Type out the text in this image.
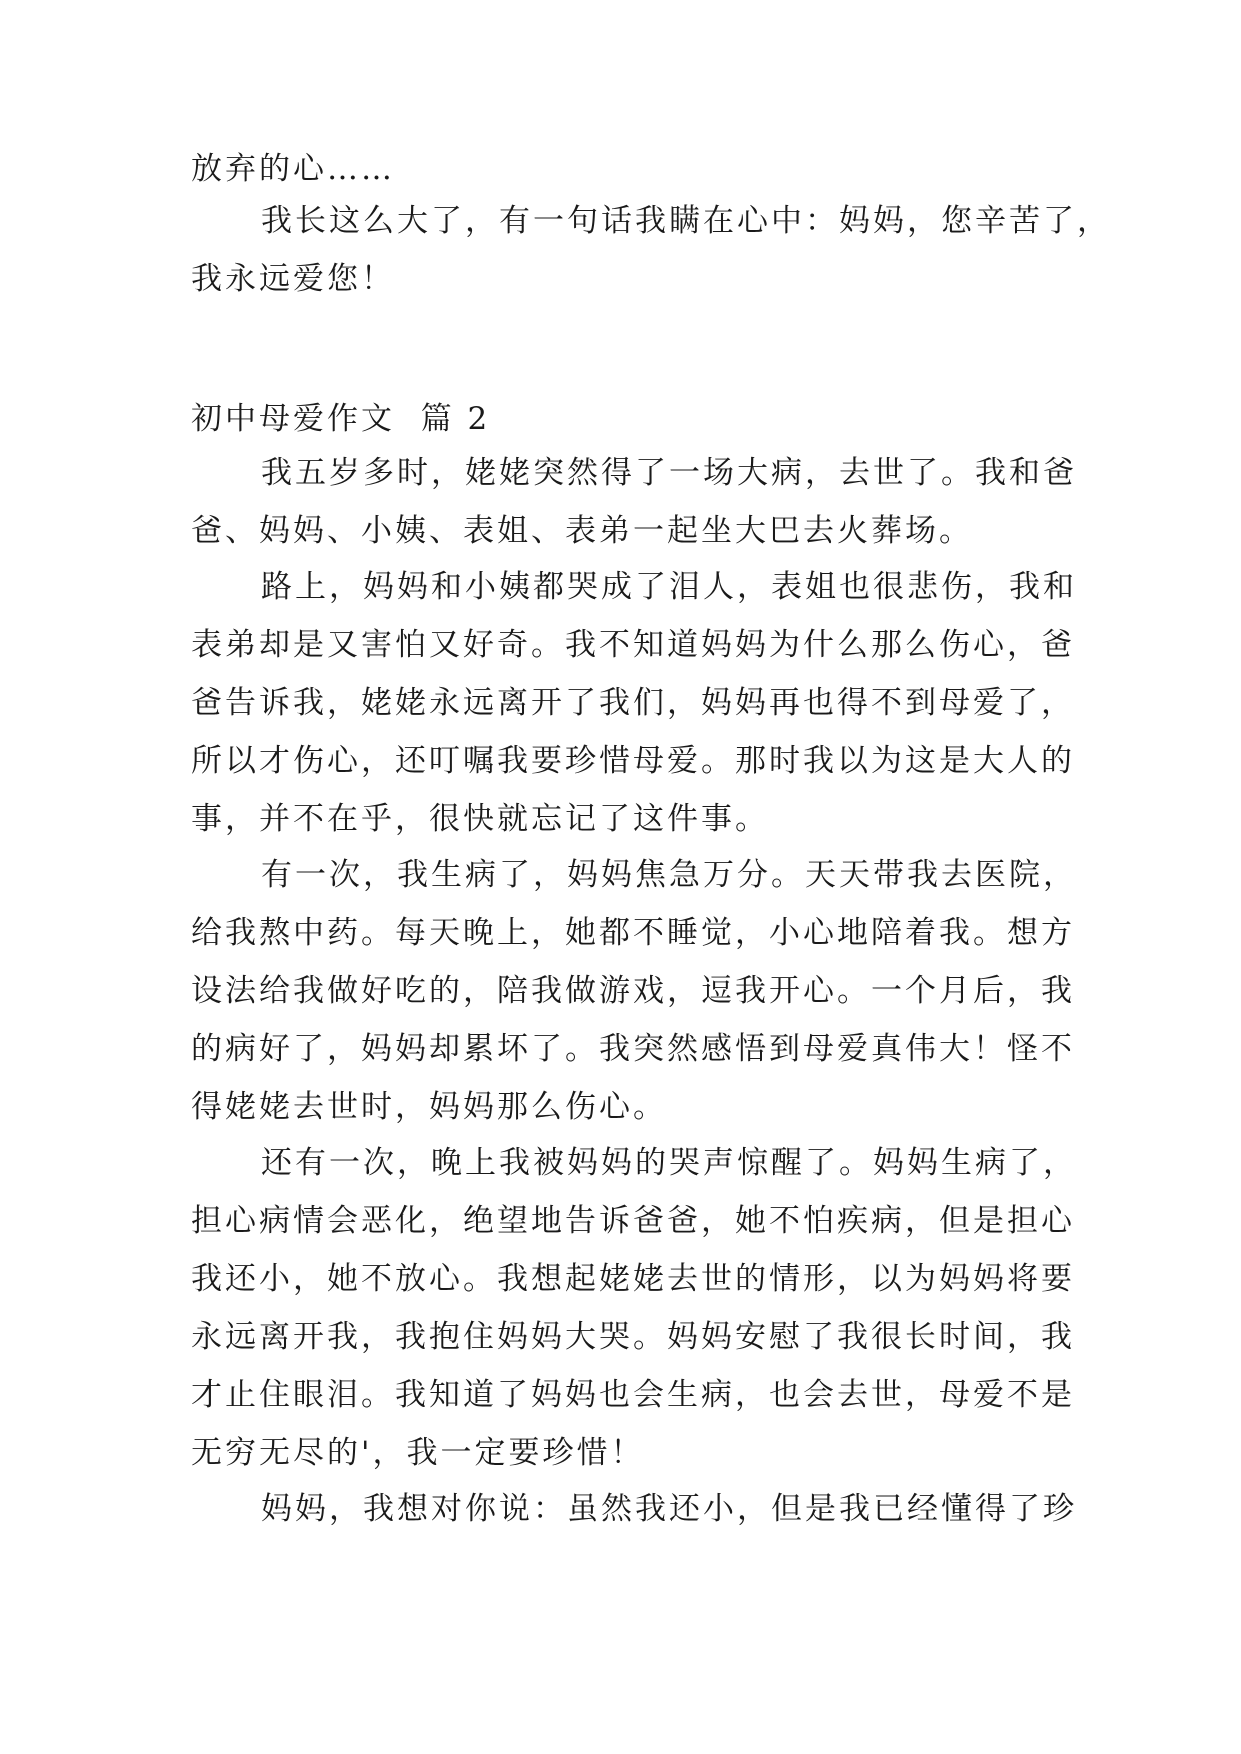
放弃的心……

我长这么大了，有一句话我瞒在心中：妈妈，您辛苦了，
我永远爱您！

初中母爱作文  篇 2

我五岁多时，姥姥突然得了一场大病，去世了。我和爸
爸、妈妈、小姨、表姐、表弟一起坐大巴去火葬场。

路上，妈妈和小姨都哭成了泪人，表姐也很悲伤，我和
表弟却是又害怕又好奇。我不知道妈妈为什么那么伤心，爸
爸告诉我，姥姥永远离开了我们，妈妈再也得不到母爱了，
所以才伤心，还叮嘱我要珍惜母爱。那时我以为这是大人的
事，并不在乎，很快就忘记了这件事。

有一次，我生病了，妈妈焦急万分。天天带我去医院，
给我熬中药。每天晚上，她都不睡觉，小心地陪着我。想方
设法给我做好吃的，陪我做游戏，逗我开心。一个月后，我
的病好了，妈妈却累坏了。我突然感悟到母爱真伟大！怪不
得姥姥去世时，妈妈那么伤心。

还有一次，晚上我被妈妈的哭声惊醒了。妈妈生病了，
担心病情会恶化，绝望地告诉爸爸，她不怕疾病，但是担心
我还小，她不放心。我想起姥姥去世的情形，以为妈妈将要
永远离开我，我抱住妈妈大哭。妈妈安慰了我很长时间，我
才止住眼泪。我知道了妈妈也会生病，也会去世，母爱不是
无穷无尽的'，我一定要珍惜！

妈妈，我想对你说：虽然我还小，但是我已经懂得了珍
